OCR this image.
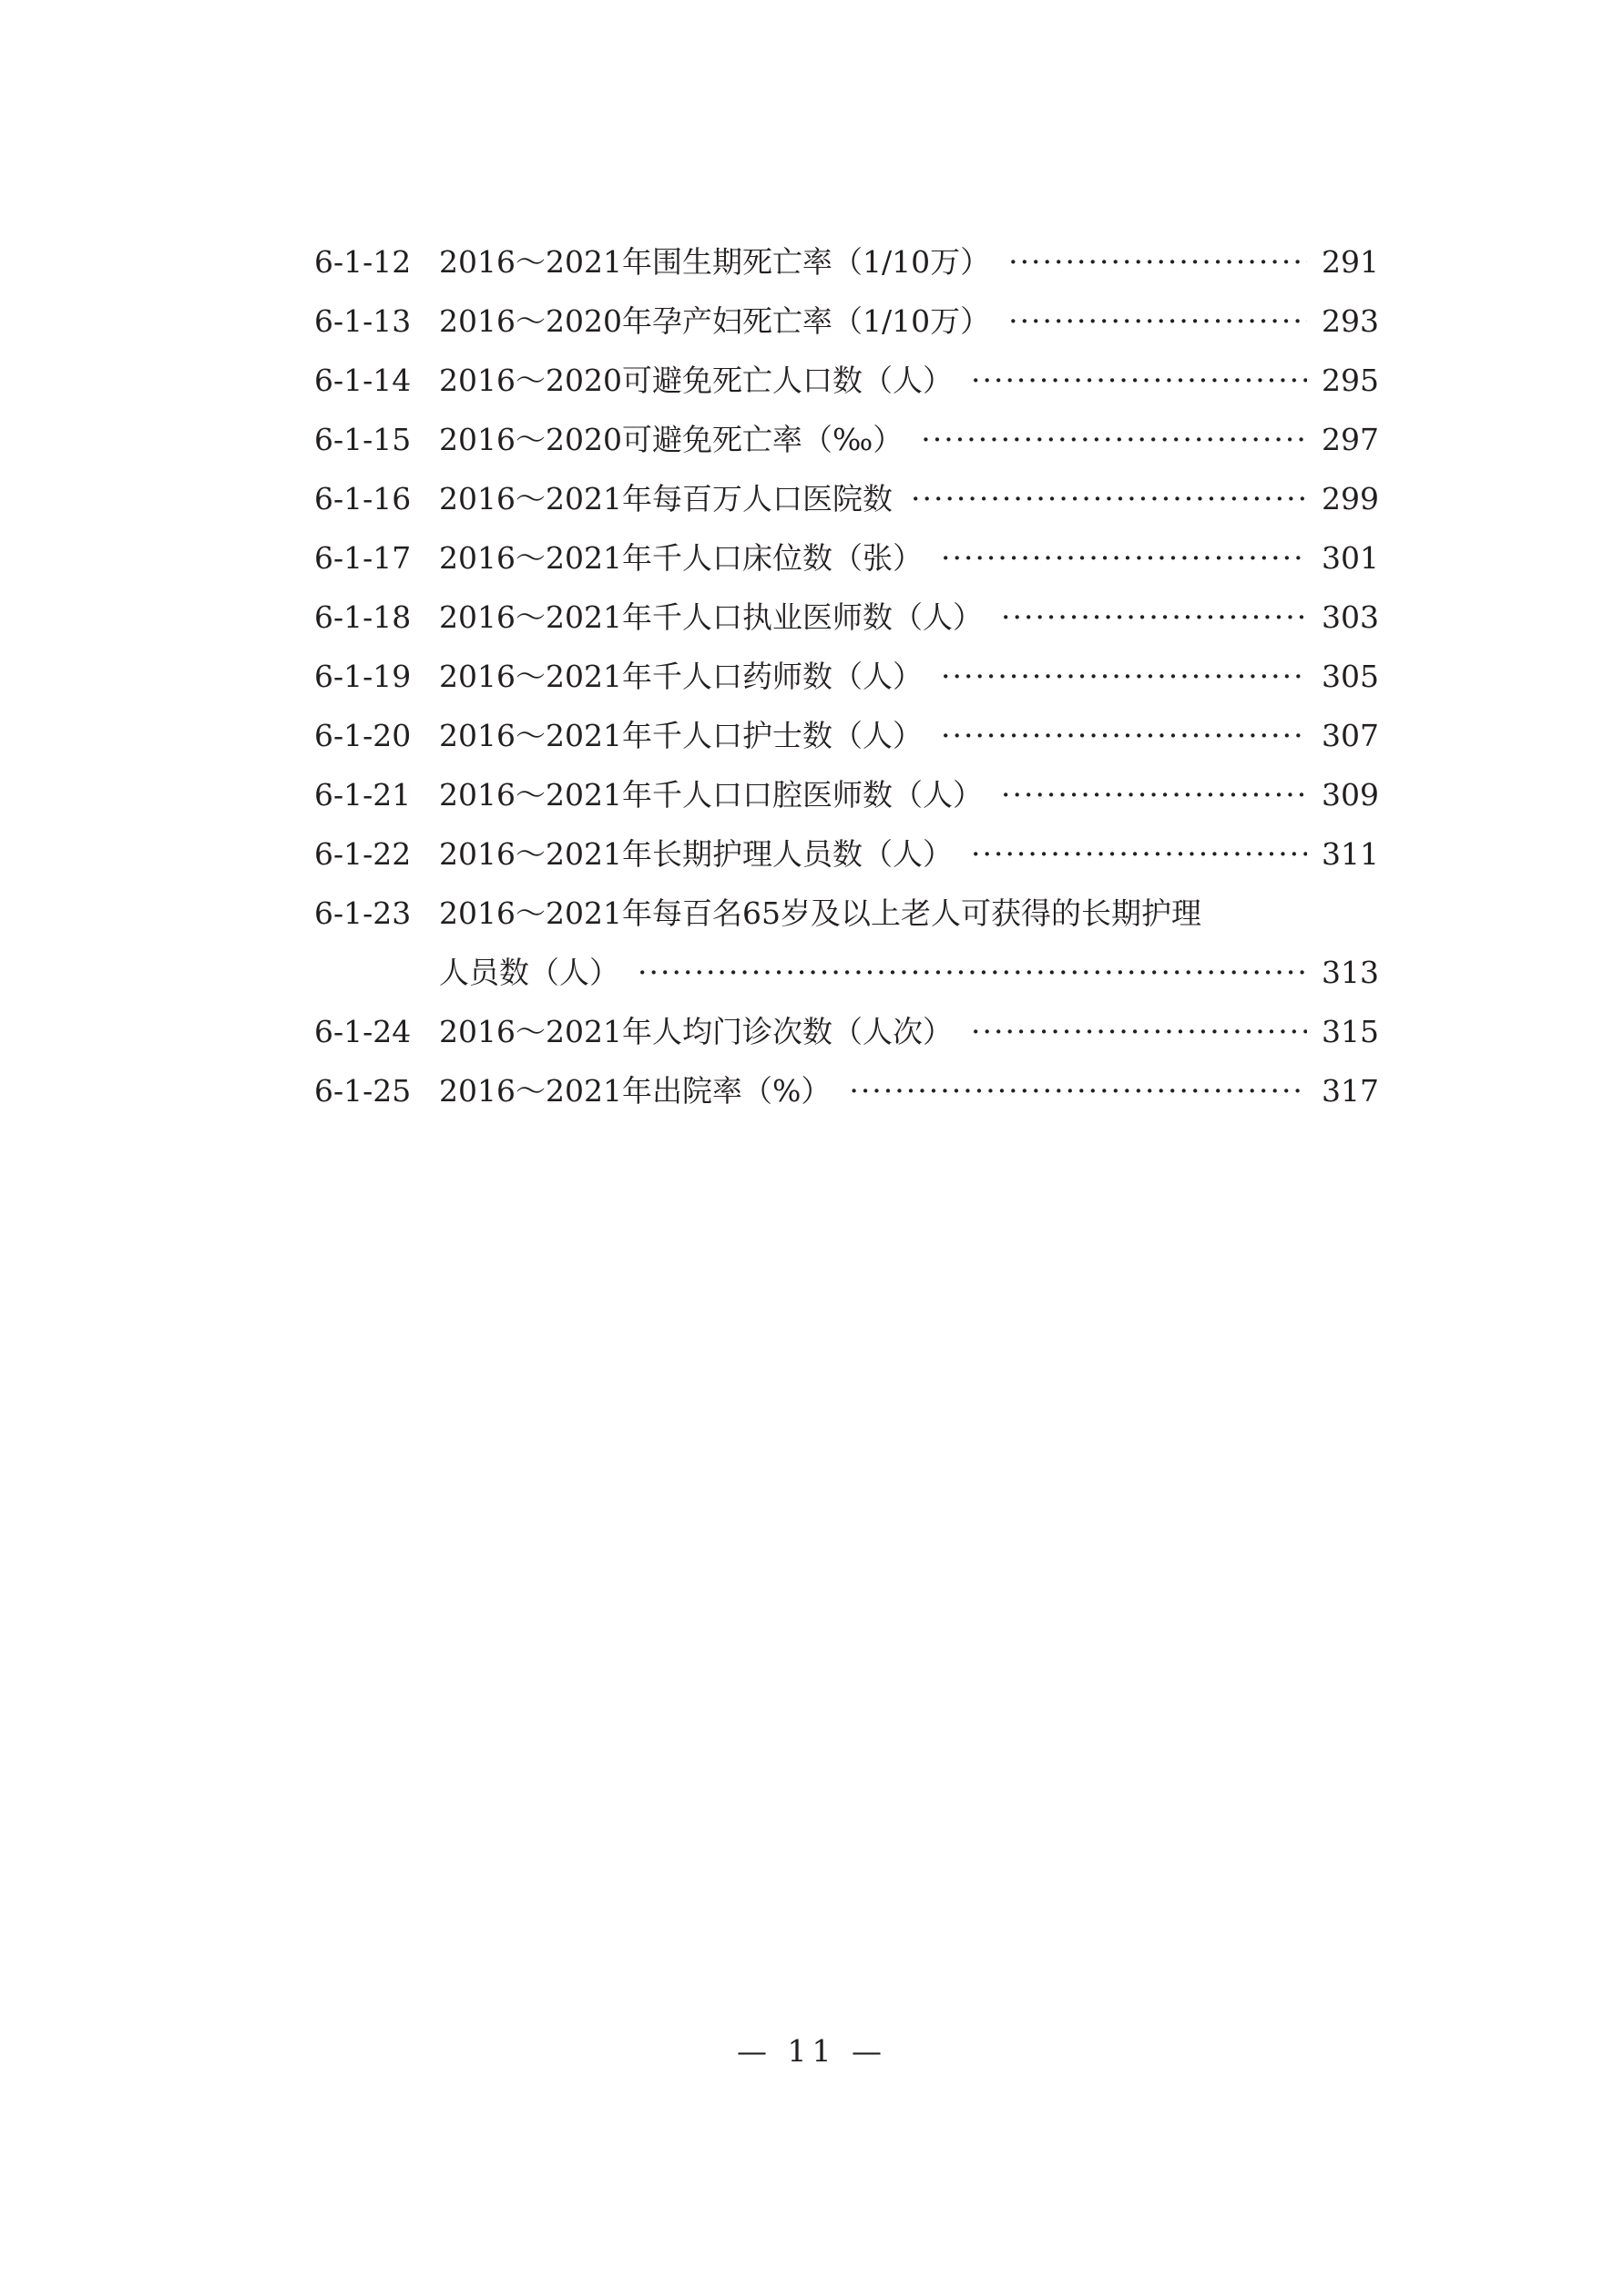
6-1-12 2016～2021年围生期死亡率（1/10万） ·····	291
6-1-13 2016～2020年孕产妇死亡率（1/10万） ·····	293
6-1-14 2016～2020可避免死亡人口数（人） ·····	295
6-1-15 2016～2020可避免死亡率（‰） ·····	297
6-1-16 2016～2021年每百万人口医院数 ·····	299
6-1-17 2016～2021年千人口床位数（张） ·····	301
6-1-18 2016～2021年千人口执业医师数（人） ·····	303
6-1-19 2016～2021年千人口药师数（人） ·····	305
6-1-20 2016～2021年千人口护士数（人） ·····	307
6-1-21 2016～2021年千人口口腔医师数（人） ·····	309
6-1-22 2016～2021年长期护理人员数（人） ·····	311
6-1-23 2016～2021年每百名65岁及以上老人可获得的长期护理
人员数（人） ·····	313
6-1-24 2016～2021年人均门诊次数（人次） ·····	315
6-1-25 2016～2021年出院率（%） ·····	317
— 11 —
